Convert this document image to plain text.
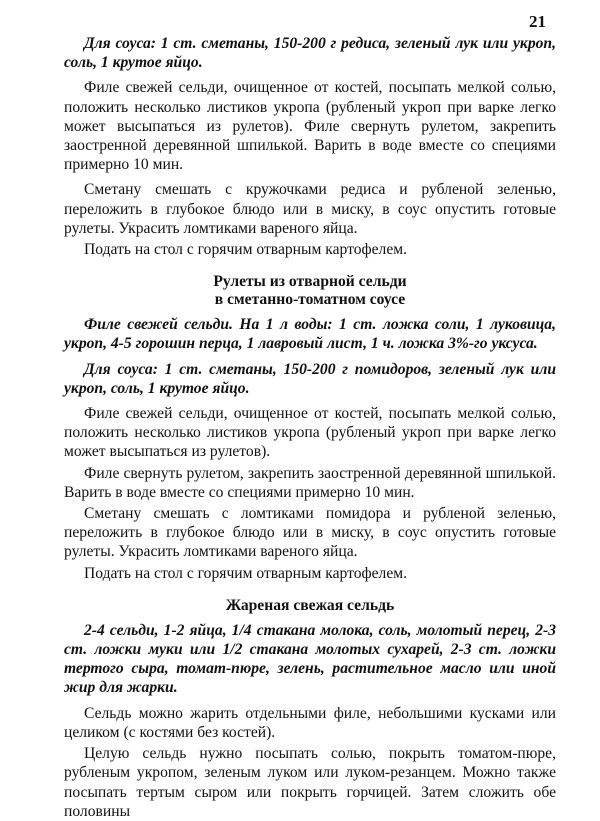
21

Для соуса: 1 ст. сметаны, 150-200 г редиса, зеленый лук или укроп, соль, 1 крутое яйцо.

Филе свежей сельди, очищенное от костей, посыпать мелкой солью, положить несколько листиков укропа (рубленый укроп при варке легко может высыпаться из рулетов). Филе свернуть рулетом, закрепить заостренной деревянной шпилькой. Варить в воде вместе со специями примерно 10 мин.

Сметану смешать с кружочками редиса и рубленой зеленью, переложить в глубокое блюдо или в миску, в соус опустить готовые рулеты. Украсить ломтиками вареного яйца.

Подать на стол с горячим отварным картофелем.

Рулеты из отварной сельди
в сметанно-томатном соусе

Филе свежей сельди. На 1 л воды: 1 ст. ложка соли, 1 луковица, укроп, 4-5 горошин перца, 1 лавровый лист, 1 ч. ложка 3%-го уксуса.

Для соуса: 1 ст. сметаны, 150-200 г помидоров, зеленый лук или укроп, соль, 1 крутое яйцо.

Филе свежей сельди, очищенное от костей, посыпать мелкой солью, положить несколько листиков укропа (рубленый укроп при варке легко может высыпаться из рулетов).

Филе свернуть рулетом, закрепить заостренной деревянной шпилькой. Варить в воде вместе со специями примерно 10 мин.

Сметану смешать с ломтиками помидора и рубленой зеленью, переложить в глубокое блюдо или в миску, в соус опустить готовые рулеты. Украсить ломтиками вареного яйца.

Подать на стол с горячим отварным картофелем.

Жареная свежая сельдь

2-4 сельди, 1-2 яйца, 1/4 стакана молока, соль, молотый перец, 2-3 ст. ложки муки или 1/2 стакана молотых сухарей, 2-3 ст. ложки тертого сыра, томат-пюре, зелень, растительное масло или иной жир для жарки.

Сельдь можно жарить отдельными филе, небольшими кусками или целиком (с костями без костей).

Целую сельдь нужно посыпать солью, покрыть томатом-пюре, рубленым укропом, зеленым луком или луком-резанцем. Можно также посыпать тертым сыром или покрыть горчицей. Затем сложить обе половины
